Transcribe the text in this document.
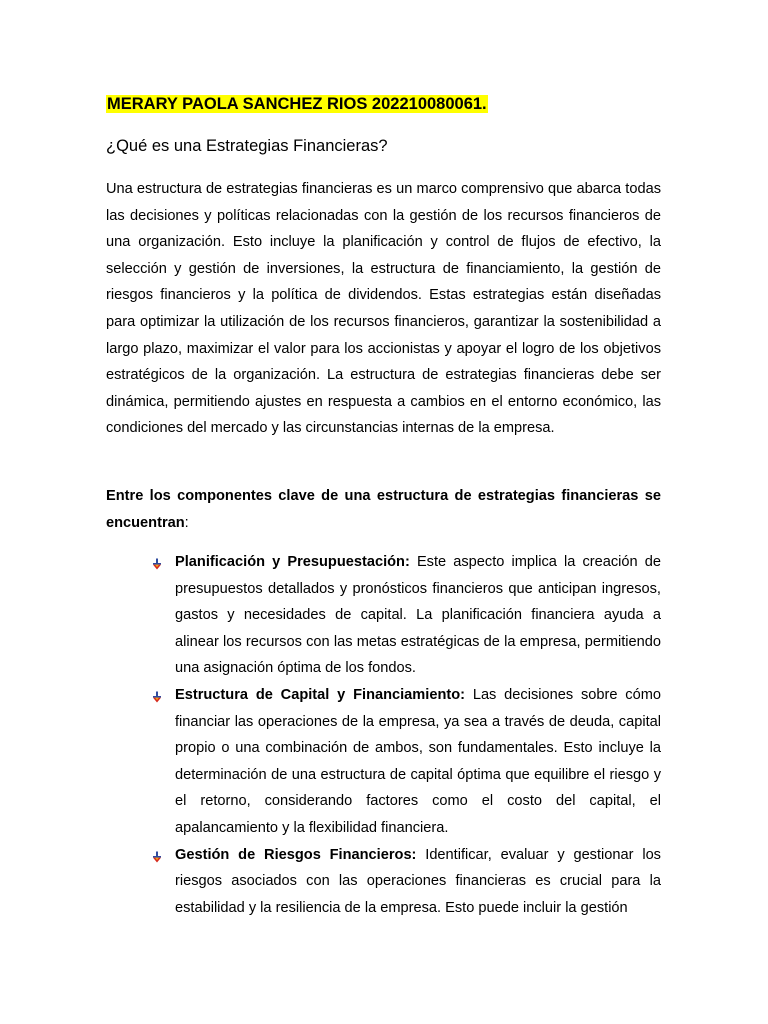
MERARY PAOLA SANCHEZ RIOS 202210080061.

¿Qué es una Estrategias Financieras?

Una estructura de estrategias financieras es un marco comprensivo que abarca todas las decisiones y políticas relacionadas con la gestión de los recursos financieros de una organización. Esto incluye la planificación y control de flujos de efectivo, la selección y gestión de inversiones, la estructura de financiamiento, la gestión de riesgos financieros y la política de dividendos. Estas estrategias están diseñadas para optimizar la utilización de los recursos financieros, garantizar la sostenibilidad a largo plazo, maximizar el valor para los accionistas y apoyar el logro de los objetivos estratégicos de la organización. La estructura de estrategias financieras debe ser dinámica, permitiendo ajustes en respuesta a cambios en el entorno económico, las condiciones del mercado y las circunstancias internas de la empresa.

Entre los componentes clave de una estructura de estrategias financieras se encuentran:

Planificación y Presupuestación: Este aspecto implica la creación de presupuestos detallados y pronósticos financieros que anticipan ingresos, gastos y necesidades de capital. La planificación financiera ayuda a alinear los recursos con las metas estratégicas de la empresa, permitiendo una asignación óptima de los fondos.
Estructura de Capital y Financiamiento: Las decisiones sobre cómo financiar las operaciones de la empresa, ya sea a través de deuda, capital propio o una combinación de ambos, son fundamentales. Esto incluye la determinación de una estructura de capital óptima que equilibre el riesgo y el retorno, considerando factores como el costo del capital, el apalancamiento y la flexibilidad financiera.
Gestión de Riesgos Financieros: Identificar, evaluar y gestionar los riesgos asociados con las operaciones financieras es crucial para la estabilidad y la resiliencia de la empresa. Esto puede incluir la gestión
